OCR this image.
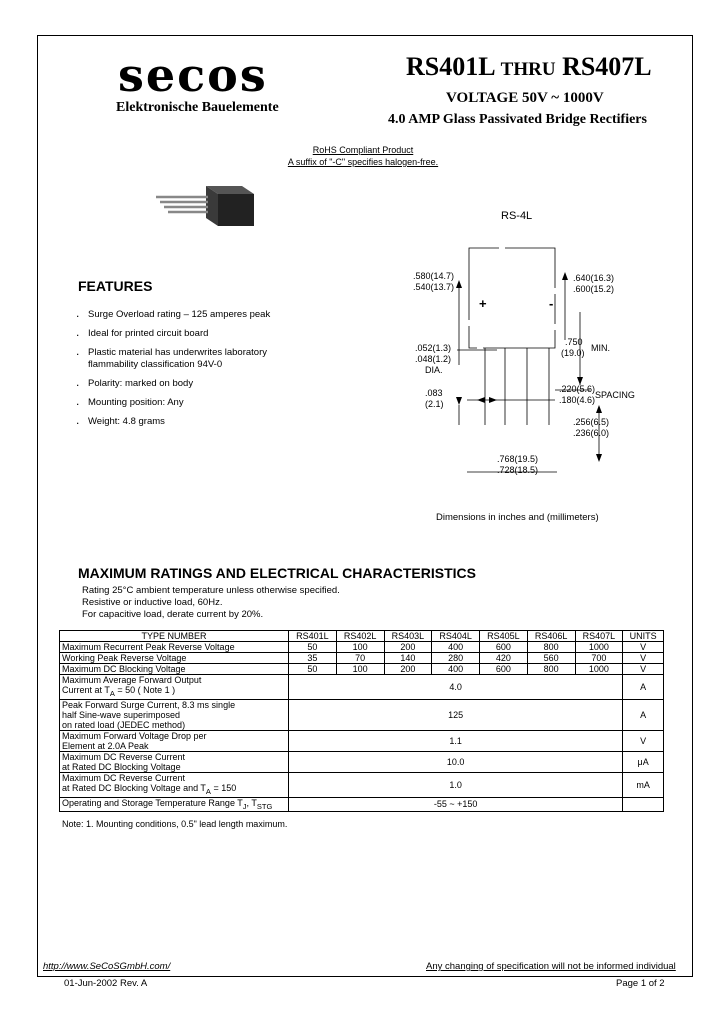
secos
Elektronische Bauelemente
RS401L THRU RS407L
VOLTAGE 50V ~ 1000V
4.0 AMP Glass Passivated Bridge Rectifiers
RoHS Compliant Product
A suffix of "-C" specifies halogen-free.
RS-4L
.580(14.7)
.540(13.7)
.640(16.3)
.600(15.2)
+	-
.052(1.3)
.048(1.2)
DIA.
.750
(19.0) MIN.
.083
(2.1)
.220(5.6)
.180(4.6) SPACING
.256(6.5)
.236(6.0)
.768(19.5)
.728(18.5)
Dimensions in inches and (millimeters)
FEATURES
. Surge Overload rating – 125 amperes peak
. Ideal for printed circuit board
. Plastic material has underwrites laboratory flammability classification 94V-0
. Polarity: marked on body
. Mounting position: Any
. Weight: 4.8 grams
MAXIMUM RATINGS AND ELECTRICAL CHARACTERISTICS
Rating 25°C ambient temperature unless otherwise specified.
Resistive or inductive load, 60Hz.
For capacitive load, derate current by 20%.
TYPE NUMBER	RS401L	RS402L	RS403L	RS404L	RS405L	RS406L	RS407L	UNITS
Maximum Recurrent Peak Reverse Voltage	50	100	200	400	600	800	1000	V
Working Peak Reverse Voltage	35	70	140	280	420	560	700	V
Maximum DC Blocking Voltage	50	100	200	400	600	800	1000	V

Maximum Average Forward Output
Current at $T_A = 50$ ( Note 1 )	4.0							A

Peak Forward Surge Current, 8.3 ms single
half Sine-wave superimposed
on rated load (JEDEC method)	125							A

Maximum Forward Voltage Drop per
Element at 2.0A Peak	1.1							V

Maximum DC Reverse Current
at Rated DC Blocking Voltage	10.0							μA

Maximum DC Reverse Current
at Rated DC Blocking Voltage and $T_A = 150$	1.0							mA
Operating and Storage Temperature Range $T_J$, $T_{STG}$	-55 ~ +150							
Note: 1. Mounting conditions, 0.5" lead length maximum.
http://www.SeCoSGmbH.com/	Any changing of specification will not be informed individual
01-Jun-2002 Rev. A	Page 1 of 2
